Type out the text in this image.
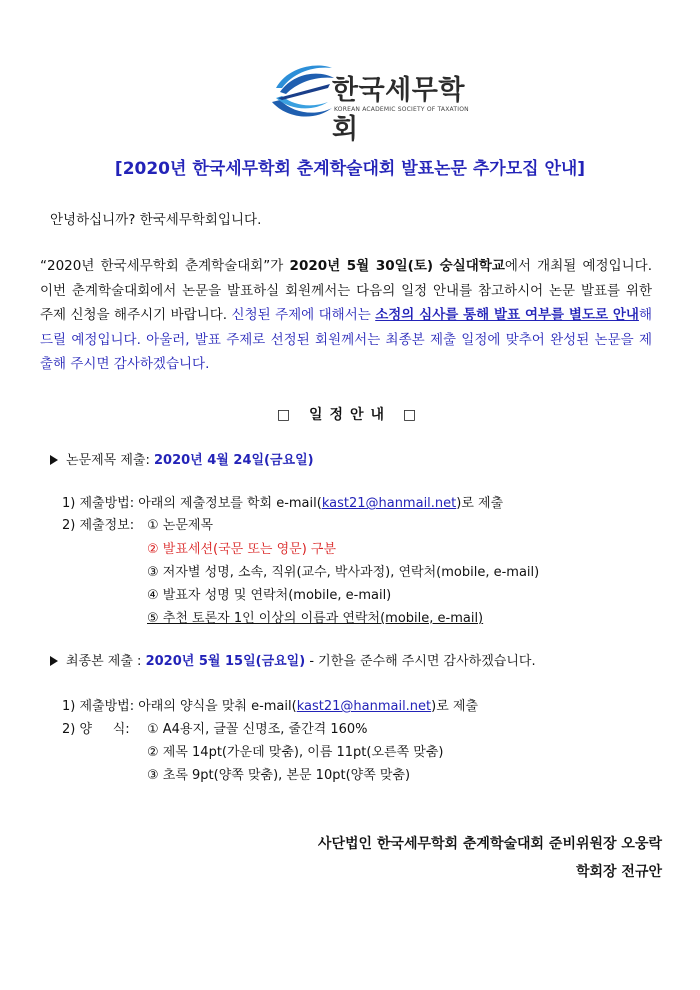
한국세무학회
KOREAN ACADEMIC SOCIETY OF TAXATION
[2020년 한국세무학회 춘계학술대회 발표논문 추가모집 안내]
안녕하십니까? 한국세무학회입니다.
“2020년 한국세무학회 춘계학술대회”가 2020년 5월 30일(토) 숭실대학교에서 개최될 예정입니다. 이번 춘계학술대회에서 논문을 발표하실 회원께서는 다음의 일정 안내를 참고하시어 논문 발표를 위한 주제 신청을 해주시기 바랍니다. 신청된 주제에 대해서는 소정의 심사를 통해 발표 여부를 별도로 안내해 드릴 예정입니다. 아울러, 발표 주제로 선정된 회원께서는 최종본 제출 일정에 맞추어 완성된 논문을 제출해 주시면 감사하겠습니다.
□ 일정안내 □
논문제목 제출: 2020년 4월 24일(금요일)
1) 제출방법: 아래의 제출정보를 학회 e-mail(kast21@hanmail.net)로 제출
2) 제출정보: ① 논문제목
② 발표세션(국문 또는 영문) 구분
③ 저자별 성명, 소속, 직위(교수, 박사과정), 연락처(mobile, e-mail)
④ 발표자 성명 및 연락처(mobile, e-mail)
⑤ 추천 토론자 1인 이상의 이름과 연락처(mobile, e-mail)
최종본 제출 : 2020년 5월 15일(금요일) - 기한을 준수해 주시면 감사하겠습니다.
1) 제출방법: 아래의 양식을 맞춰 e-mail(kast21@hanmail.net)로 제출
2) 양     식: ① A4용지, 글꼴 신명조, 줄간격 160%
② 제목 14pt(가운데 맞춤), 이름 11pt(오른쪽 맞춤)
③ 초록 9pt(양쪽 맞춤), 본문 10pt(양쪽 맞춤)
사단법인 한국세무학회 춘계학술대회 준비위원장 오웅락
학회장 전규안
